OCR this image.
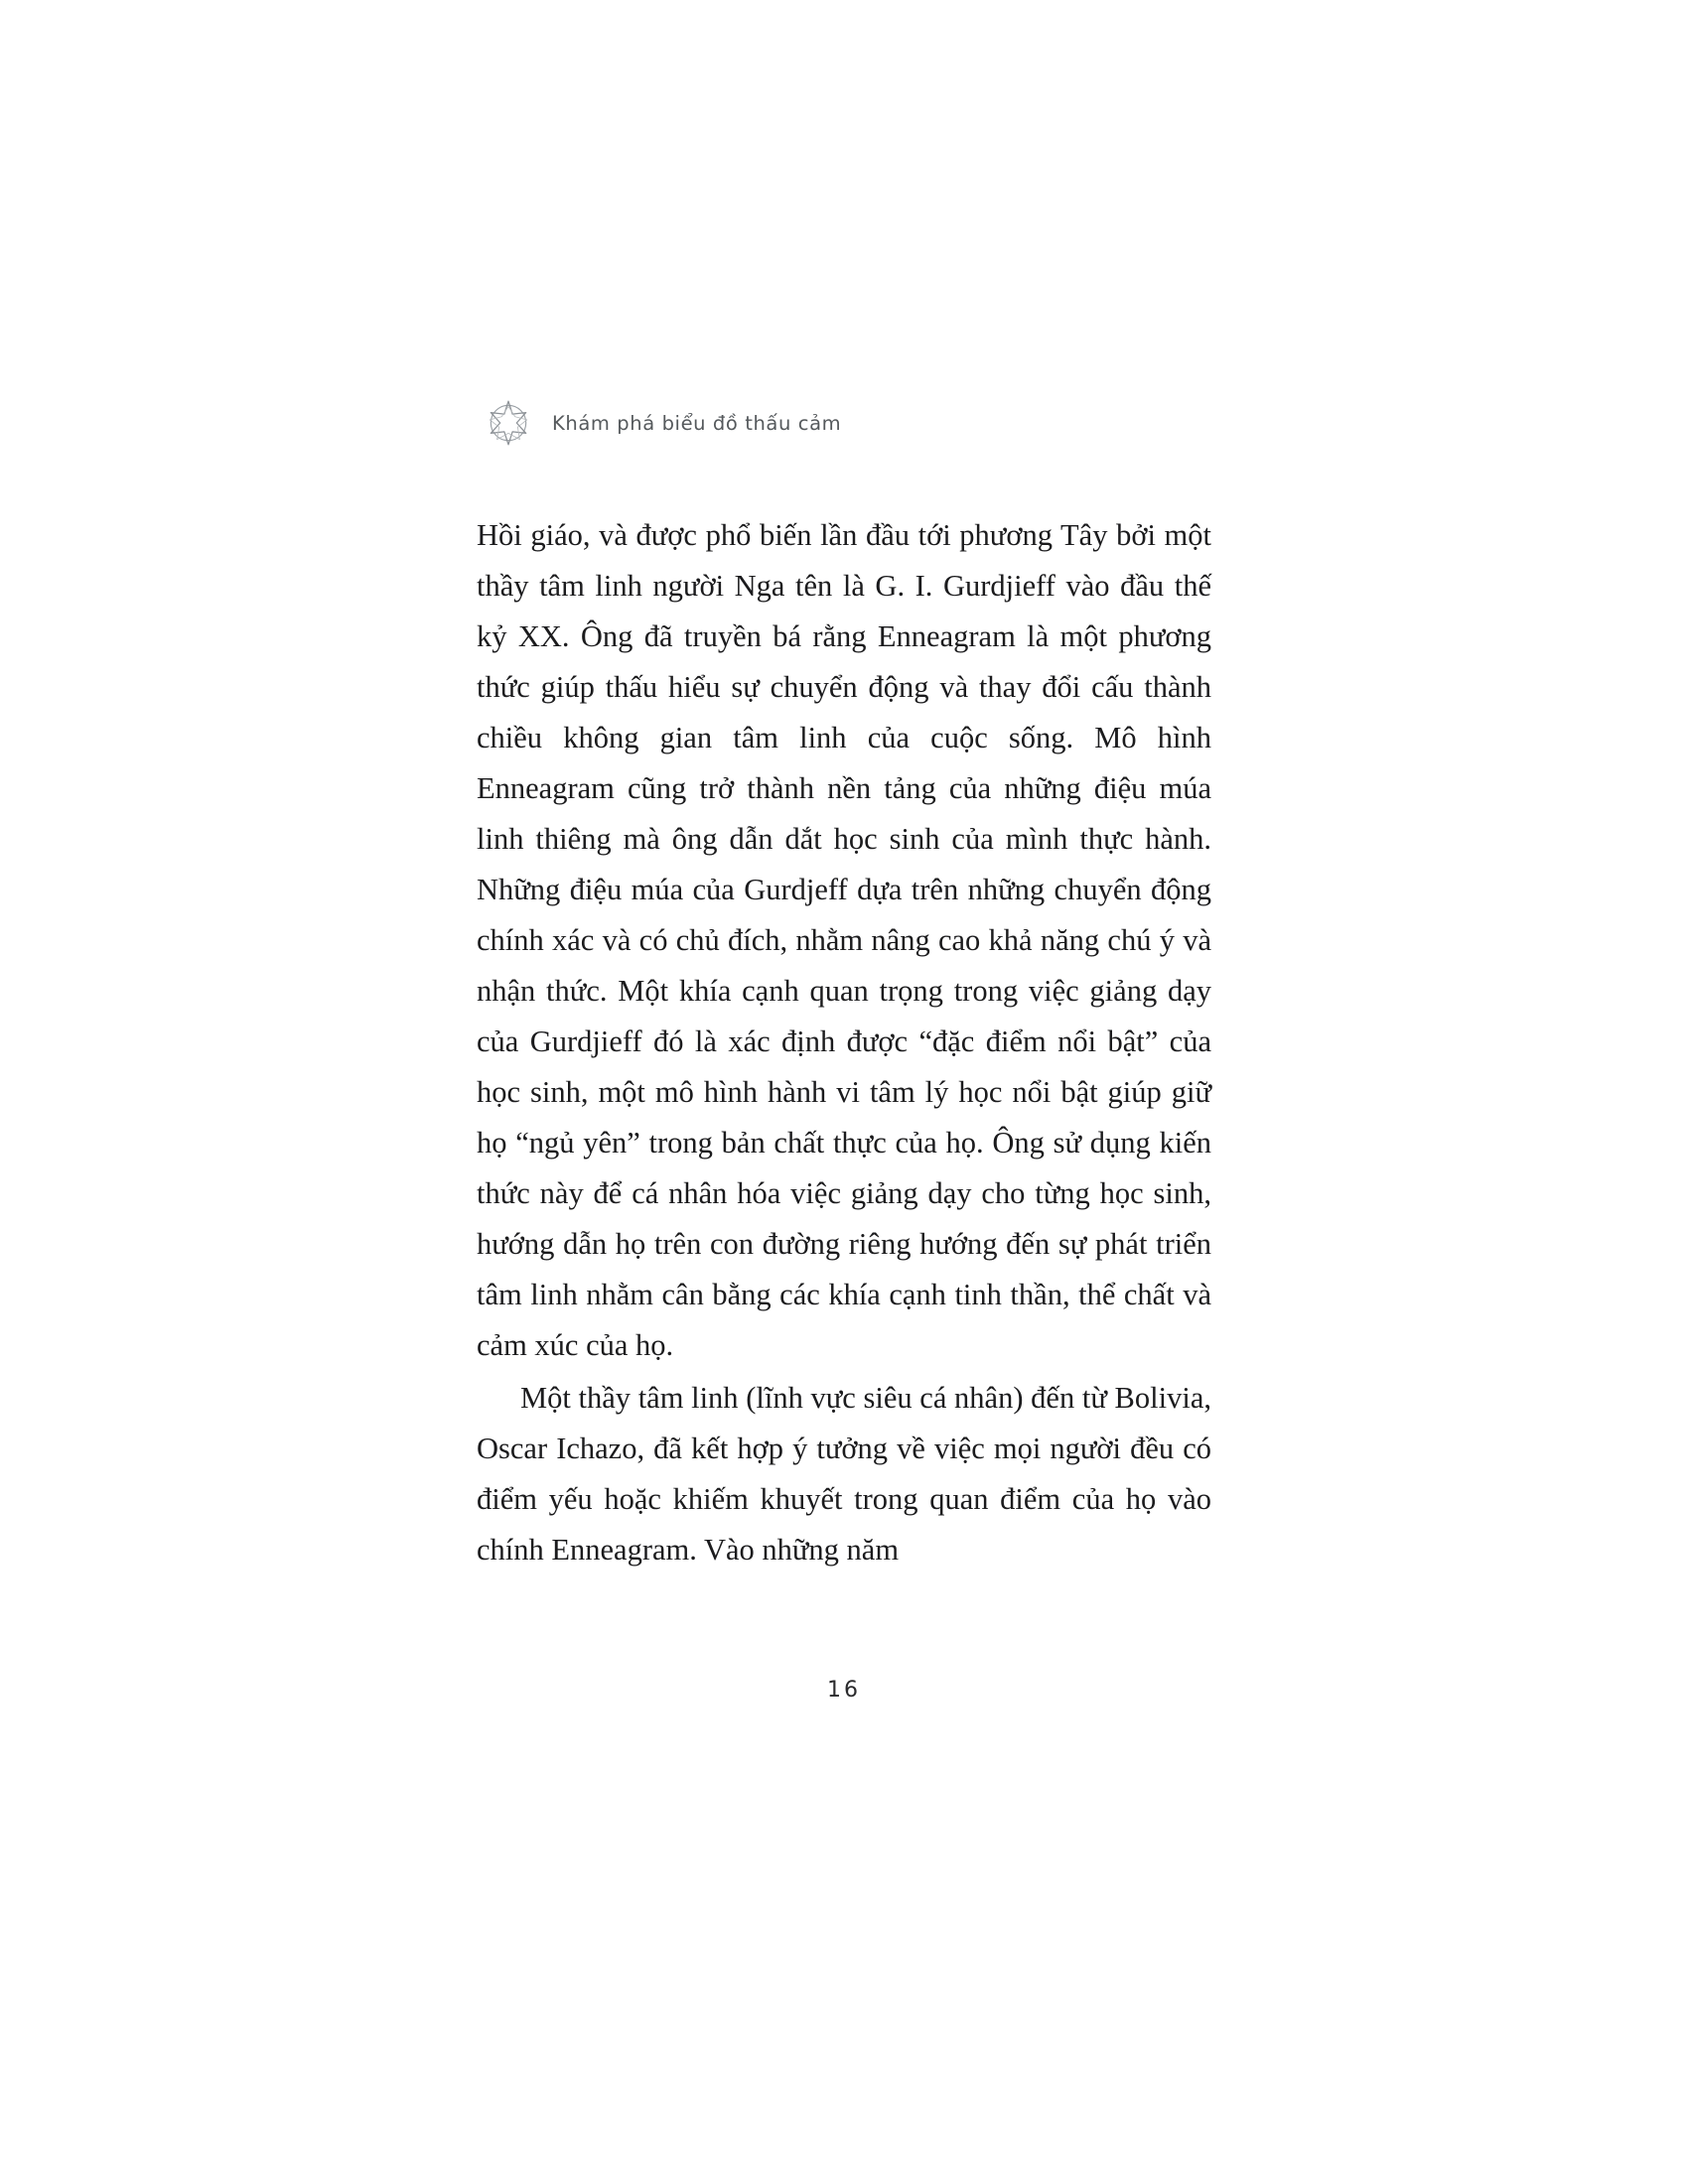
Khám phá biểu đồ thấu cảm

Hồi giáo, và được phổ biến lần đầu tới phương Tây bởi một thầy tâm linh người Nga tên là G. I. Gurdjieff vào đầu thế kỷ XX. Ông đã truyền bá rằng Enneagram là một phương thức giúp thấu hiểu sự chuyển động và thay đổi cấu thành chiều không gian tâm linh của cuộc sống. Mô hình Enneagram cũng trở thành nền tảng của những điệu múa linh thiêng mà ông dẫn dắt học sinh của mình thực hành. Những điệu múa của Gurdjeff dựa trên những chuyển động chính xác và có chủ đích, nhằm nâng cao khả năng chú ý và nhận thức. Một khía cạnh quan trọng trong việc giảng dạy của Gurdjieff đó là xác định được “đặc điểm nổi bật” của học sinh, một mô hình hành vi tâm lý học nổi bật giúp giữ họ “ngủ yên” trong bản chất thực của họ. Ông sử dụng kiến thức này để cá nhân hóa việc giảng dạy cho từng học sinh, hướng dẫn họ trên con đường riêng hướng đến sự phát triển tâm linh nhằm cân bằng các khía cạnh tinh thần, thể chất và cảm xúc của họ.

Một thầy tâm linh (lĩnh vực siêu cá nhân) đến từ Bolivia, Oscar Ichazo, đã kết hợp ý tưởng về việc mọi người đều có điểm yếu hoặc khiếm khuyết trong quan điểm của họ vào chính Enneagram. Vào những năm

16
